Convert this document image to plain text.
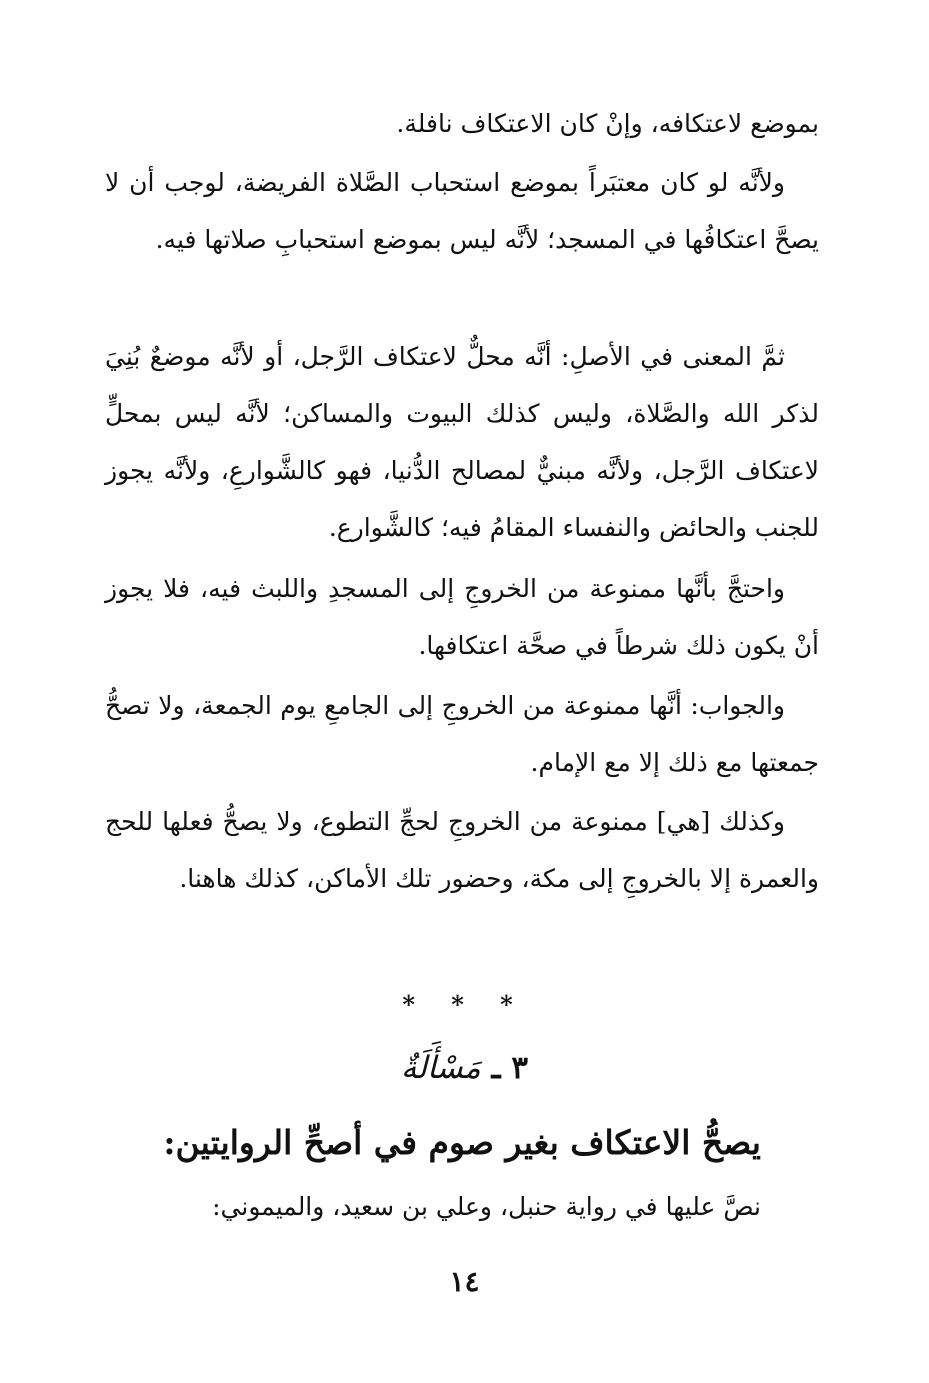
بموضع لاعتكافه، وإنْ كان الاعتكاف نافلة.

ولأنَّه لو كان معتبَراً بموضع استحباب الصَّلاة الفريضة، لوجب أن لا يصحَّ اعتكافُها في المسجد؛ لأنَّه ليس بموضع استحبابِ صلاتها فيه.

ثمَّ المعنى في الأصلِ: أنَّه محلٌّ لاعتكاف الرَّجل، أو لأنَّه موضعٌ بُنِيَ لذكر الله والصَّلاة، وليس كذلك البيوت والمساكن؛ لأنَّه ليس بمحلٍّ لاعتكاف الرَّجل، ولأنَّه مبنيٌّ لمصالح الدُّنيا، فهو كالشَّوارعِ، ولأنَّه يجوز للجنب والحائض والنفساء المقامُ فيه؛ كالشَّوارع.

واحتجَّ بأنَّها ممنوعة من الخروجِ إلى المسجدِ واللبث فيه، فلا يجوز أنْ يكون ذلك شرطاً في صحَّة اعتكافها.

والجواب: أنَّها ممنوعة من الخروجِ إلى الجامعِ يوم الجمعة، ولا تصحُّ جمعتها مع ذلك إلا مع الإمام.

وكذلك [هي] ممنوعة من الخروجِ لحجِّ التطوع، ولا يصحُّ فعلها للحج والعمرة إلا بالخروجِ إلى مكة، وحضور تلك الأماكن، كذلك هاهنا.

* * *
٣ ـ مَسْأَلَةٌ
يصحُّ الاعتكاف بغير صوم في أصحِّ الروايتين:
نصَّ عليها في رواية حنبل، وعلي بن سعيد، والميموني:
١٤
